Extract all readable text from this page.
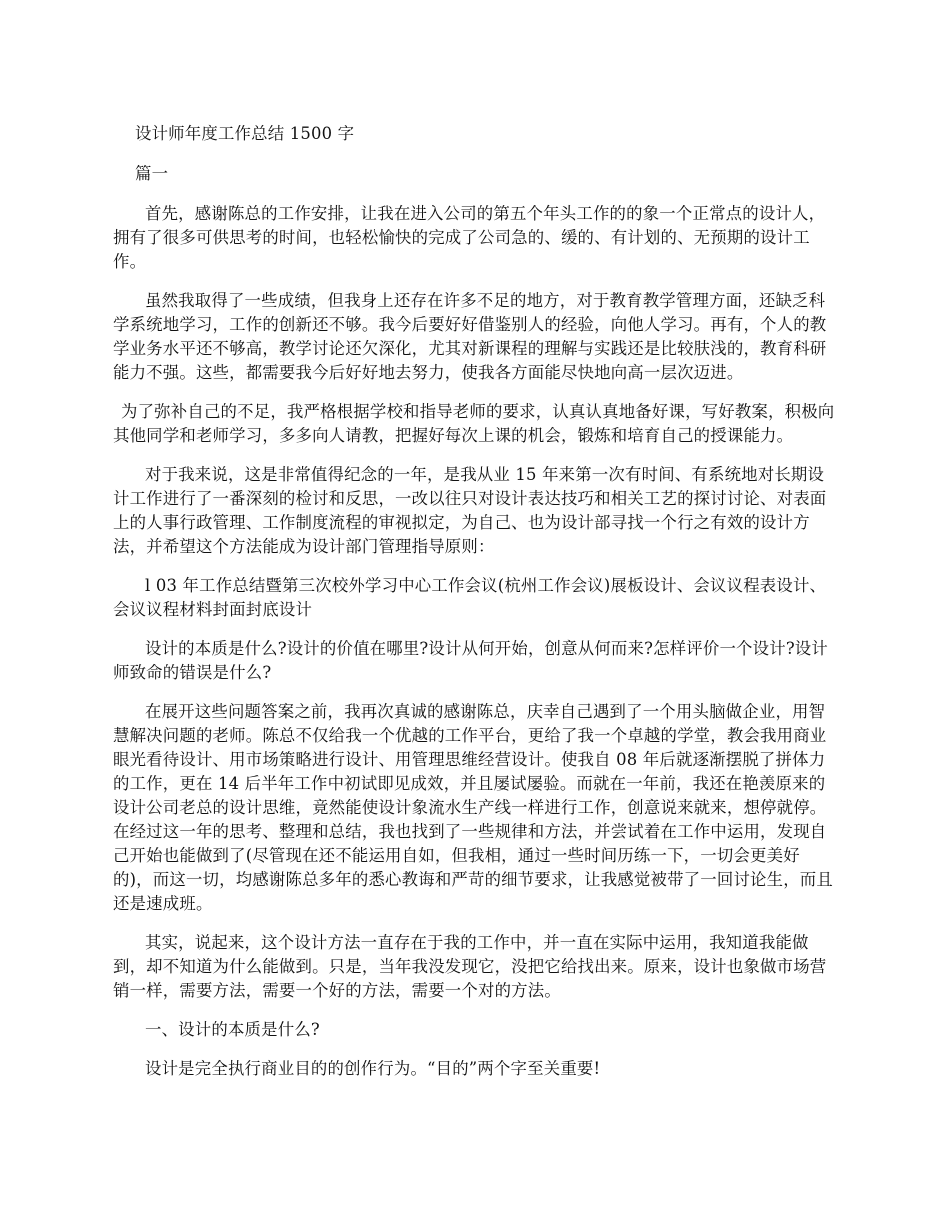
设计师年度工作总结 1500 字

篇一

首先，感谢陈总的工作安排，让我在进入公司的第五个年头工作的的象一个正常点的设计人，拥有了很多可供思考的时间，也轻松愉快的完成了公司急的、缓的、有计划的、无预期的设计工作。

虽然我取得了一些成绩，但我身上还存在许多不足的地方，对于教育教学管理方面，还缺乏科学系统地学习，工作的创新还不够。我今后要好好借鉴别人的经验，向他人学习。再有，个人的教学业务水平还不够高，教学讨论还欠深化，尤其对新课程的理解与实践还是比较肤浅的，教育科研能力不强。这些，都需要我今后好好地去努力，使我各方面能尽快地向高一层次迈进。

为了弥补自己的不足，我严格根据学校和指导老师的要求，认真认真地备好课，写好教案，积极向其他同学和老师学习，多多向人请教，把握好每次上课的机会，锻炼和培育自己的授课能力。

对于我来说，这是非常值得纪念的一年，是我从业 15 年来第一次有时间、有系统地对长期设计工作进行了一番深刻的检讨和反思，一改以往只对设计表达技巧和相关工艺的探讨讨论、对表面上的人事行政管理、工作制度流程的审视拟定，为自己、也为设计部寻找一个行之有效的设计方法，并希望这个方法能成为设计部门管理指导原则：

l 03 年工作总结暨第三次校外学习中心工作会议(杭州工作会议)展板设计、会议议程表设计、会议议程材料封面封底设计

设计的本质是什么?设计的价值在哪里?设计从何开始，创意从何而来?怎样评价一个设计?设计师致命的错误是什么?

在展开这些问题答案之前，我再次真诚的感谢陈总，庆幸自己遇到了一个用头脑做企业，用智慧解决问题的老师。陈总不仅给我一个优越的工作平台，更给了我一个卓越的学堂，教会我用商业眼光看待设计、用市场策略进行设计、用管理思维经营设计。使我自 08 年后就逐渐摆脱了拼体力的工作，更在 14 后半年工作中初试即见成效，并且屡试屡验。而就在一年前，我还在艳羡原来的设计公司老总的设计思维，竟然能使设计象流水生产线一样进行工作，创意说来就来，想停就停。在经过这一年的思考、整理和总结，我也找到了一些规律和方法，并尝试着在工作中运用，发现自己开始也能做到了(尽管现在还不能运用自如，但我相，通过一些时间历练一下，一切会更美好的)，而这一切，均感谢陈总多年的悉心教诲和严苛的细节要求，让我感觉被带了一回讨论生，而且还是速成班。

其实，说起来，这个设计方法一直存在于我的工作中，并一直在实际中运用，我知道我能做到，却不知道为什么能做到。只是，当年我没发现它，没把它给找出来。原来，设计也象做市场营销一样，需要方法，需要一个好的方法，需要一个对的方法。

一、设计的本质是什么?

设计是完全执行商业目的的创作行为。“目的”两个字至关重要!
